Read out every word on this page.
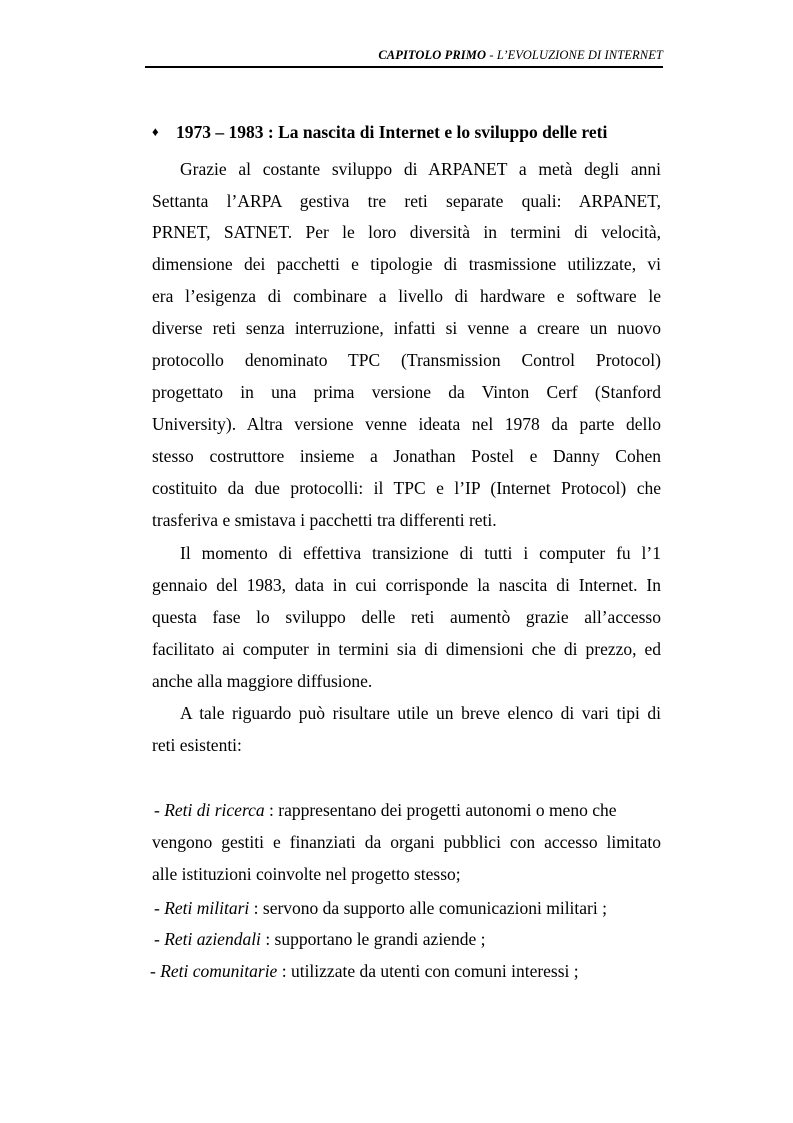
CAPITOLO PRIMO - L’EVOLUZIONE DI INTERNET
♦ 1973 – 1983 : La nascita di Internet e lo sviluppo delle reti
Grazie al costante sviluppo di ARPANET a metà degli anni
Settanta l’ARPA gestiva tre reti separate quali: ARPANET,
PRNET, SATNET. Per le loro diversità in termini di velocità,
dimensione dei pacchetti e tipologie di trasmissione utilizzate, vi
era l’esigenza di combinare a livello di hardware e software le
diverse reti senza interruzione, infatti si venne a creare un nuovo
protocollo denominato TPC (Transmission Control Protocol)
progettato in una prima versione da Vinton Cerf (Stanford
University). Altra versione venne ideata nel 1978 da parte dello
stesso costruttore insieme a Jonathan Postel e Danny Cohen
costituito da due protocolli: il TPC e l’IP (Internet Protocol) che
trasferiva e smistava i pacchetti tra differenti reti.
Il momento di effettiva transizione di tutti i computer fu l’1
gennaio del 1983, data in cui corrisponde la nascita di Internet. In
questa fase lo sviluppo delle reti aumentò grazie all’accesso
facilitato ai computer in termini sia di dimensioni che di prezzo, ed
anche alla maggiore diffusione.
A tale riguardo può risultare utile un breve elenco di vari tipi di
reti esistenti:
- Reti di ricerca : rappresentano dei progetti autonomi o meno che
vengono gestiti e finanziati da organi pubblici con accesso limitato
alle istituzioni coinvolte nel progetto stesso;
- Reti militari : servono da supporto alle comunicazioni militari ;
- Reti aziendali : supportano le grandi aziende ;
- Reti comunitarie : utilizzate da utenti con comuni interessi ;
